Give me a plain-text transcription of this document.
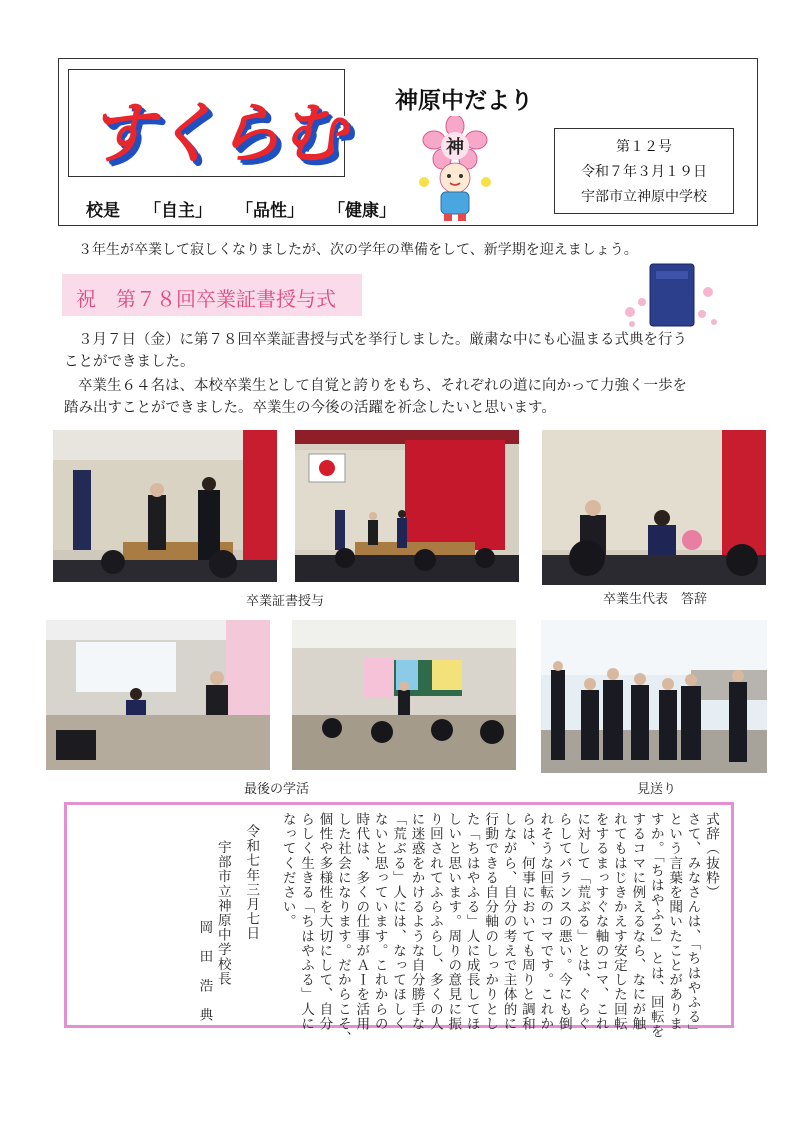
すくらむ 神原中だより
校是 「自主」 「品性」 「健康」
神	第１２号
令和７年３月１９日
宇部市立神原中学校
３年生が卒業して寂しくなりましたが、次の学年の準備をして、新学期を迎えましょう。
祝 第７８回卒業証書授与式
３月７日（金）に第７８回卒業証書授与式を挙行しました。厳粛な中にも心温まる式典を行う
ことができました。
卒業生６４名は、本校卒業生として自覚と誇りをもち、それぞれの道に向かって力強く一歩を
踏み出すことができました。卒業生の今後の活躍を祈念したいと思います。
卒業証書授与	卒業生代表　答辞
最後の学活	見送り
式辞（抜粋）
さて、みなさんは、「ちはやふる」
という言葉を聞いたことがありま
すか。「ちはやふる」とは、回転を
するコマに例えるなら、なにが触
れてもはじきかえす安定した回転
をするまっすぐな軸のコマ、これ
に対して「荒ぶる」とは、ぐらぐ
らしてバランスの悪い。今にも倒
れそうな回転のコマです。これか
らは、何事においても周りと調和
しながら、自分の考えで主体的に
行動できる自分軸のしっかりとし
た「ちはやふる」人に成長してほ
しいと思います。周りの意見に振
り回されてふらふらし、多くの人
に迷惑をかけるような自分勝手な
「荒ぶる」人には、なってほしく
ないと思っています。これからの
時代は、多くの仕事がＡＩを活用
した社会になります。だからこそ、
個性や多様性を大切にして、自分
らしく生きる「ちはやふる」人に
なってください。
令和七年三月七日
宇部市立神原中学校長
岡　田　浩　典
